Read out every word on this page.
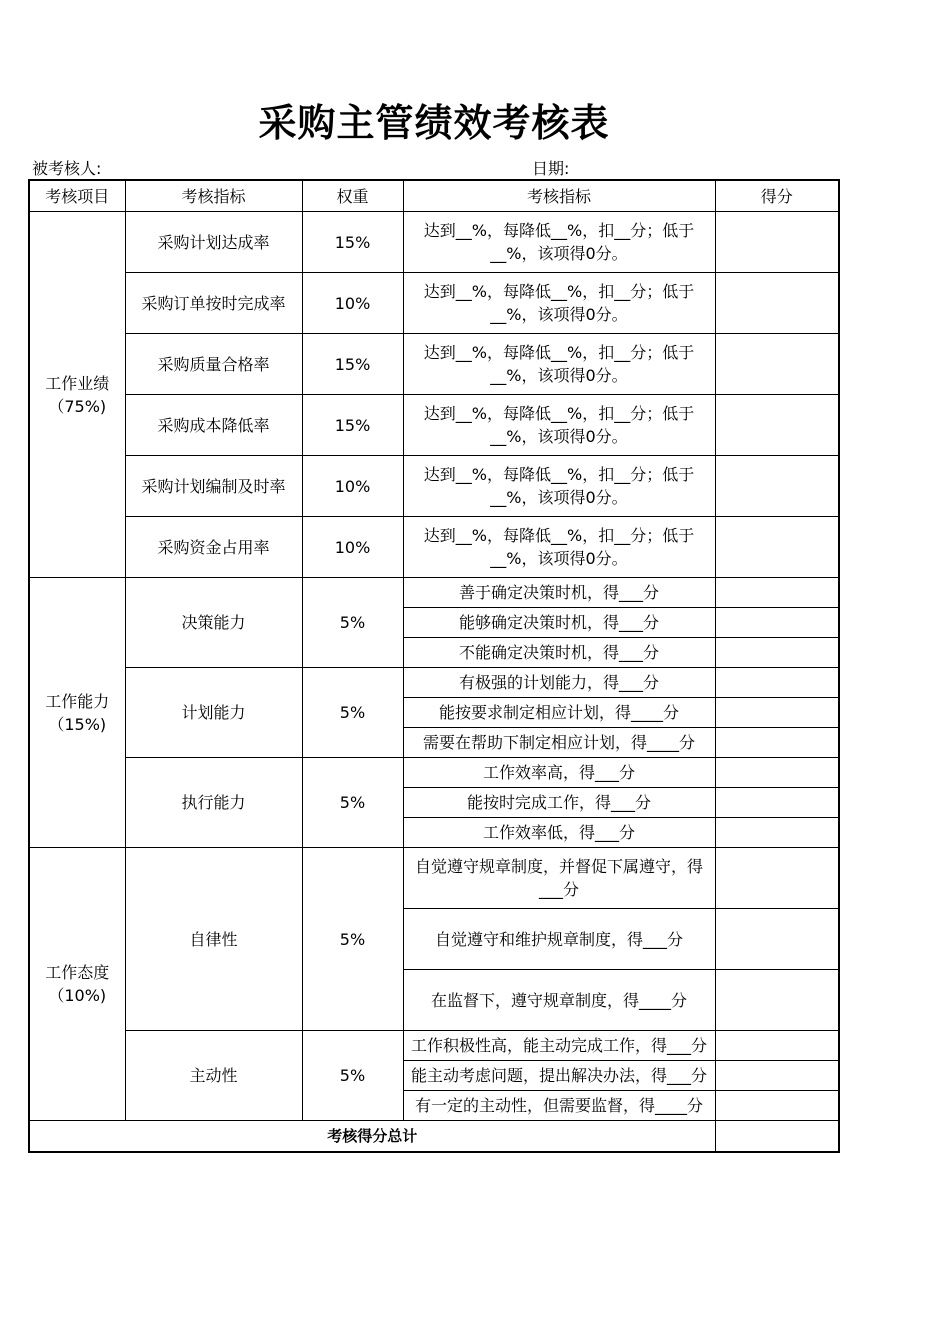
采购主管绩效考核表
被考核人:	日期:
考核项目	考核指标	权重	考核指标	得分
工作业绩（75%)	采购计划达成率	15%	达到__%，每降低__%，扣__分；低于__%，该项得0分。	
	采购订单按时完成率	10%	达到__%，每降低__%，扣__分；低于__%，该项得0分。	
	采购质量合格率	15%	达到__%，每降低__%，扣__分；低于__%，该项得0分。	
	采购成本降低率	15%	达到__%，每降低__%，扣__分；低于__%，该项得0分。	
	采购计划编制及时率	10%	达到__%，每降低__%，扣__分；低于__%，该项得0分。	
	采购资金占用率	10%	达到__%，每降低__%，扣__分；低于__%，该项得0分。	
工作能力（15%)	决策能力	5%	善于确定决策时机，得___分	
			能够确定决策时机，得___分	
			不能确定决策时机，得___分	
	计划能力	5%	有极强的计划能力，得___分	
			能按要求制定相应计划，得____分	
			需要在帮助下制定相应计划，得____分	
	执行能力	5%	工作效率高，得___分	
			能按时完成工作，得___分	
			工作效率低，得___分	
工作态度（10%)	自律性	5%	自觉遵守规章制度，并督促下属遵守，得___分	
			自觉遵守和维护规章制度，得___分	
			在监督下，遵守规章制度，得____分	
	主动性	5%	工作积极性高，能主动完成工作，得___分	
			能主动考虑问题，提出解决办法，得___分	
			有一定的主动性，但需要监督，得____分	
考核得分总计				
